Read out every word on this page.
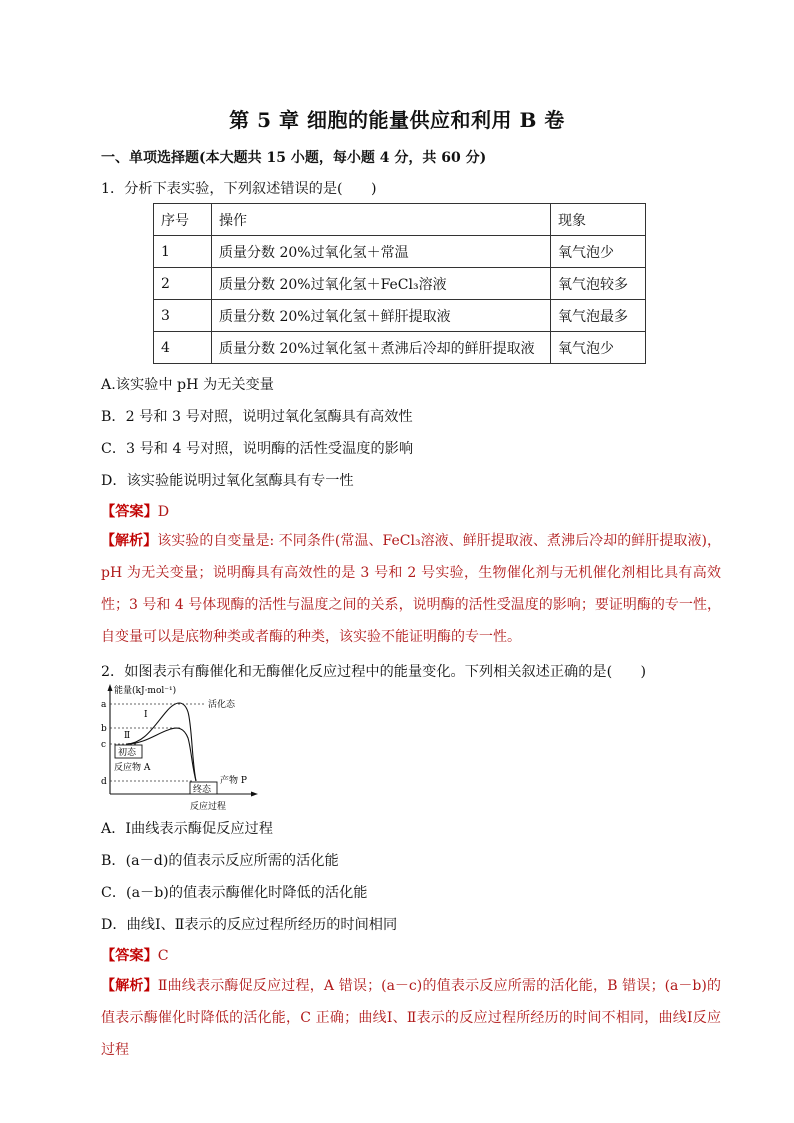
第 5 章 细胞的能量供应和利用 B 卷
一、单项选择题(本大题共 15 小题，每小题 4 分，共 60 分)
1．分析下表实验，下列叙述错误的是(　　)
序号	操作	现象
1	质量分数 20%过氧化氢＋常温	氧气泡少
2	质量分数 20%过氧化氢＋FeCl₃溶液	氧气泡较多
3	质量分数 20%过氧化氢＋鲜肝提取液	氧气泡最多
4	质量分数 20%过氧化氢＋煮沸后冷却的鲜肝提取液	氧气泡少
A.该实验中 pH 为无关变量
B．2 号和 3 号对照，说明过氧化氢酶具有高效性
C．3 号和 4 号对照，说明酶的活性受温度的影响
D．该实验能说明过氧化氢酶具有专一性
【答案】D
【解析】该实验的自变量是: 不同条件(常温、FeCl₃溶液、鲜肝提取液、煮沸后冷却的鲜肝提取液)，pH 为无关变量；说明酶具有高效性的是 3 号和 2 号实验，生物催化剂与无机催化剂相比具有高效性；3 号和 4 号体现酶的活性与温度之间的关系，说明酶的活性受温度的影响；要证明酶的专一性，自变量可以是底物种类或者酶的种类，该实验不能证明酶的专一性。
2．如图表示有酶催化和无酶催化反应过程中的能量变化。下列相关叙述正确的是(　　)
a
b
c
d
能量(kJ·mol⁻¹)
反应过程
Ⅰ
Ⅱ
活化态
初态
反应物 A
终态
产物 P
A．Ⅰ曲线表示酶促反应过程
B．(a－d)的值表示反应所需的活化能
C．(a－b)的值表示酶催化时降低的活化能
D．曲线Ⅰ、Ⅱ表示的反应过程所经历的时间相同
【答案】C
【解析】Ⅱ曲线表示酶促反应过程，A 错误；(a－c)的值表示反应所需的活化能，B 错误；(a－b)的值表示酶催化时降低的活化能，C 正确；曲线Ⅰ、Ⅱ表示的反应过程所经历的时间不相同，曲线Ⅰ反应过程
